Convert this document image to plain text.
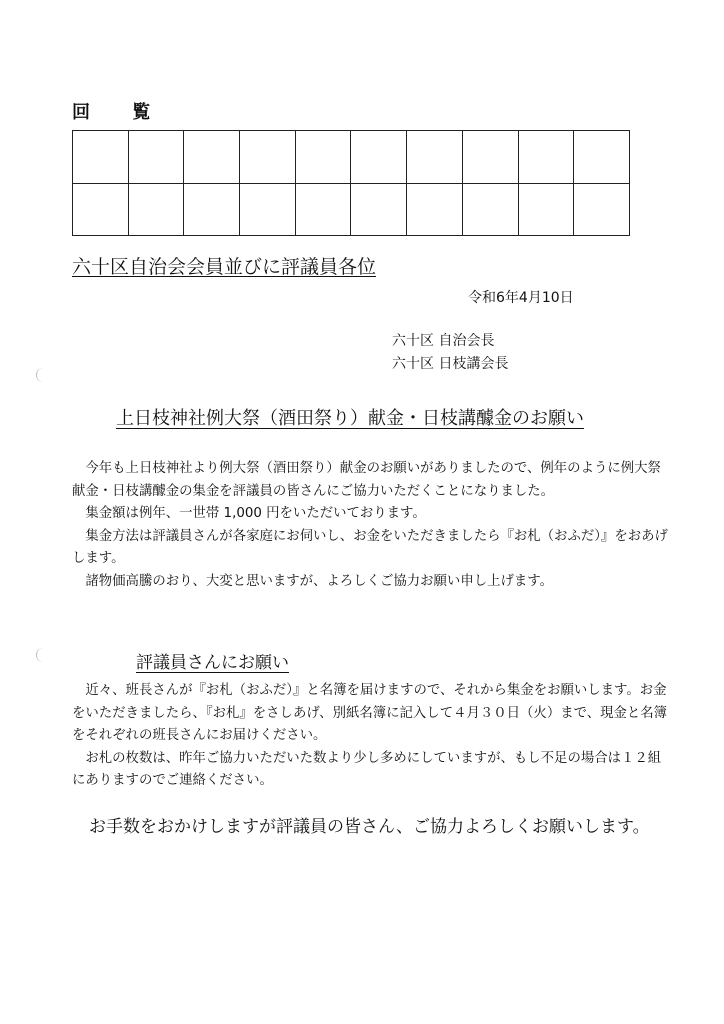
回 覧

六十区自治会会員並びに評議員各位
令和6年4月10日
六十区 自治会長
六十区 日枝講会長
上日枝神社例大祭（酒田祭り）献金・日枝講醵金のお願い

今年も上日枝神社より例大祭（酒田祭り）献金のお願いがありましたので、例年のように例大祭献金・日枝講醵金の集金を評議員の皆さんにご協力いただくことになりました。

集金額は例年、一世帯 1,000 円をいただいております。

集金方法は評議員さんが各家庭にお伺いし、お金をいただきましたら『お札（おふだ）』をおあげします。

諸物価高騰のおり、大変と思いますが、よろしくご協力お願い申し上げます。

評議員さんにお願い

近々、班長さんが『お札（おふだ）』と名簿を届けますので、それから集金をお願いします。お金をいただきましたら、『お札』をさしあげ、別紙名簿に記入して４月３０日（火）まで、現金と名簿をそれぞれの班長さんにお届けください。

お札の枚数は、昨年ご協力いただいた数より少し多めにしていますが、もし不足の場合は１２組　　　にありますのでご連絡ください。

お手数をおかけしますが評議員の皆さん、ご協力よろしくお願いします。
